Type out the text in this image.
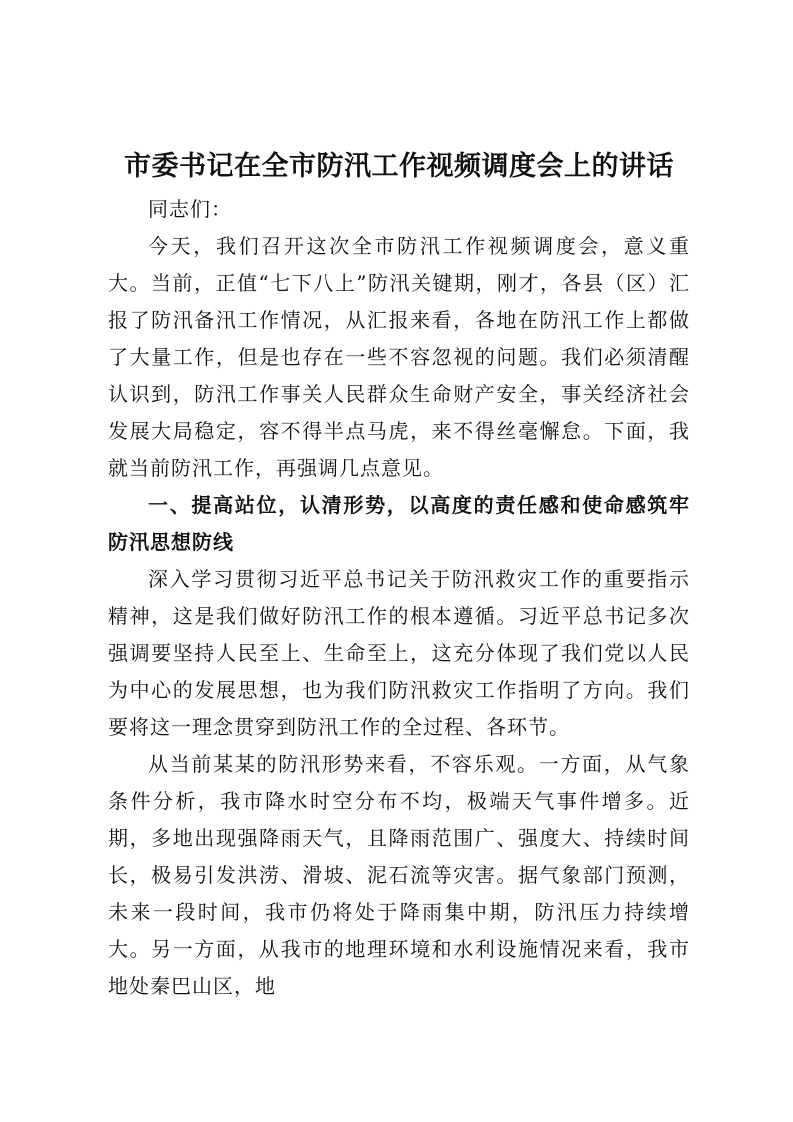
市委书记在全市防汛工作视频调度会上的讲话

同志们：

今天，我们召开这次全市防汛工作视频调度会，意义重大。当前，正值“七下八上”防汛关键期，刚才，各县（区）汇报了防汛备汛工作情况，从汇报来看，各地在防汛工作上都做了大量工作，但是也存在一些不容忽视的问题。我们必须清醒认识到，防汛工作事关人民群众生命财产安全，事关经济社会发展大局稳定，容不得半点马虎，来不得丝毫懈怠。下面，我就当前防汛工作，再强调几点意见。

一、提高站位，认清形势，以高度的责任感和使命感筑牢防汛思想防线

深入学习贯彻习近平总书记关于防汛救灾工作的重要指示精神，这是我们做好防汛工作的根本遵循。习近平总书记多次强调要坚持人民至上、生命至上，这充分体现了我们党以人民为中心的发展思想，也为我们防汛救灾工作指明了方向。我们要将这一理念贯穿到防汛工作的全过程、各环节。

从当前某某的防汛形势来看，不容乐观。一方面，从气象条件分析，我市降水时空分布不均，极端天气事件增多。近期，多地出现强降雨天气，且降雨范围广、强度大、持续时间长，极易引发洪涝、滑坡、泥石流等灾害。据气象部门预测，未来一段时间，我市仍将处于降雨集中期，防汛压力持续增大。另一方面，从我市的地理环境和水利设施情况来看，我市地处秦巴山区，地
